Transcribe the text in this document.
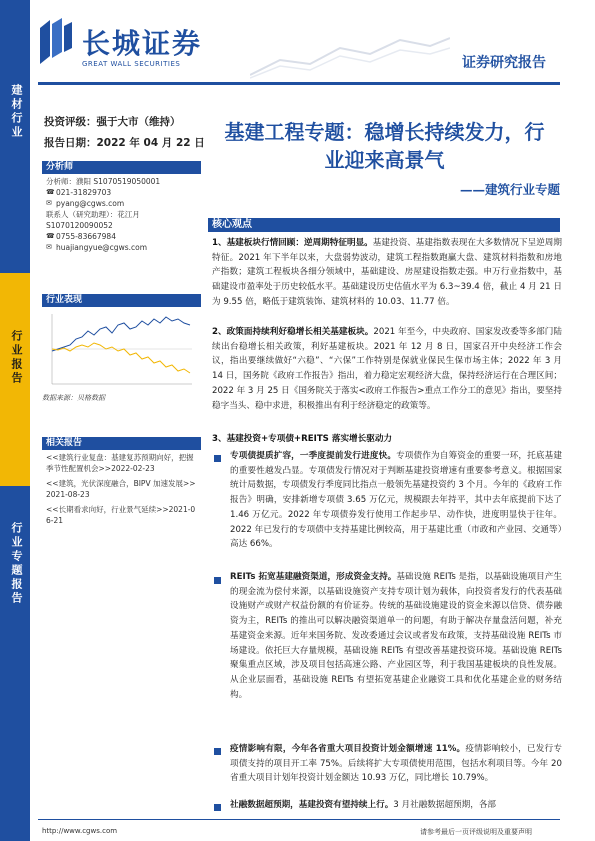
建材行业
行业报告
行业专题报告
长城证券
GREAT WALL SECURITIES	证券研究报告
投资评级：强于大市（维持）
报告日期：2022 年 04 月 22 日
分析师
分析师：濮阳 S1070519050001
☎ 021-31829703
✉ pyang@cgws.com
联系人（研究助理）：花江月
S1070120090052
☎ 0755-83667984
✉ huajiangyue@cgws.com
行业表现
数据来源：贝格数据
相关报告
<<建筑行业复盘：基建复苏预期向好，把握季节性配置机会>>2022-02-23
<<建筑，光伏深度融合，BIPV 加速发展>>2021-08-23
<<长期看求向好，行业景气延续>>2021-06-21
基建工程专题：稳增长持续发力，行
业迎来高景气
——建筑行业专题
核心观点
1、基建板块行情回顾：逆周期特征明显。基建投资、基建指数表现在大多数情况下呈逆周期特征。2021 年下半年以来，大盘弱势波动，建筑工程指数跑赢大盘、建筑材料指数和房地产指数；建筑工程板块各细分领域中，基础建设、房屋建设指数走强。申万行业指数中，基础建设市盈率处于历史较低水平。基础建设历史估值水平为 6.3~39.4 倍，截止 4 月 21 日为 9.55 倍，略低于建筑装饰、建筑材料的 10.03、11.77 倍。
2、政策面持续利好稳增长相关基建板块。2021 年至今，中央政府、国家发改委等多部门陆续出台稳增长相关政策，利好基建板块。2021 年 12 月 8 日，国家召开中央经济工作会议，指出要继续做好“六稳”、“六保”工作特别是保就业保民生保市场主体；2022 年 3 月 14 日，国务院《政府工作报告》指出，着力稳定宏观经济大盘，保持经济运行在合理区间；2022 年 3 月 25 日《国务院关于落实<政府工作报告>重点工作分工的意见》指出，要坚持稳字当头、稳中求进，积极推出有利于经济稳定的政策等。
3、基建投资+专项债+REITS 落实增长驱动力
专项债提质扩容，一季度提前发行进度快。专项债作为自筹资金的重要一环，托底基建的重要性越发凸显。专项债发行情况对于判断基建投资增速有重要参考意义。根据国家统计局数据，专项债发行季度同比指点一般领先基建投资约 3 个月。今年的《政府工作报告》明确，安排新增专项债 3.65 万亿元，规模跟去年持平，其中去年底提前下达了 1.46 万亿元。2022 年专项债券发行使用工作起步早、动作快，进度明显快于往年。2022 年已发行的专项债中支持基建比例较高，用于基建比重（市政和产业园、交通等）高达 66%。
REITs 拓宽基建融资渠道，形成资金支持。基础设施 REITs 是指，以基础设施项目产生的现金流为偿付来源，以基础设施资产支持专项计划为载体，向投资者发行的代表基础设施财产或财产权益份额的有价证券。传统的基础设施建设的资金来源以信贷、债券融资为主，REITs 的推出可以解决融资渠道单一的问题，有助于解决存量盘活问题，补充基建资金来源。近年来国务院、发改委通过会议或者发布政策，支持基础设施 REITs 市场建设。依托巨大存量规模，基础设施 REITs 有望改善基建投资环境。基础设施 REITs 聚集重点区域，涉及项目包括高速公路、产业园区等，利于我国基建板块的良性发展。从企业层面看，基础设施 REITs 有望拓宽基建企业融资工具和优化基建企业的财务结构。
疫情影响有限，今年各省重大项目投资计划金额增速 11%。疫情影响较小，已发行专项债支持的项目开工率 75%。后续将扩大专项债使用范围，包括水利项目等。今年 20 省重大项目计划年投资计划金额达 10.93 万亿，同比增长 10.79%。
社融数据超预期，基建投资有望持续上行。3 月社融数据超预期，各部
http://www.cgws.com	请参考最后一页评级说明及重要声明
